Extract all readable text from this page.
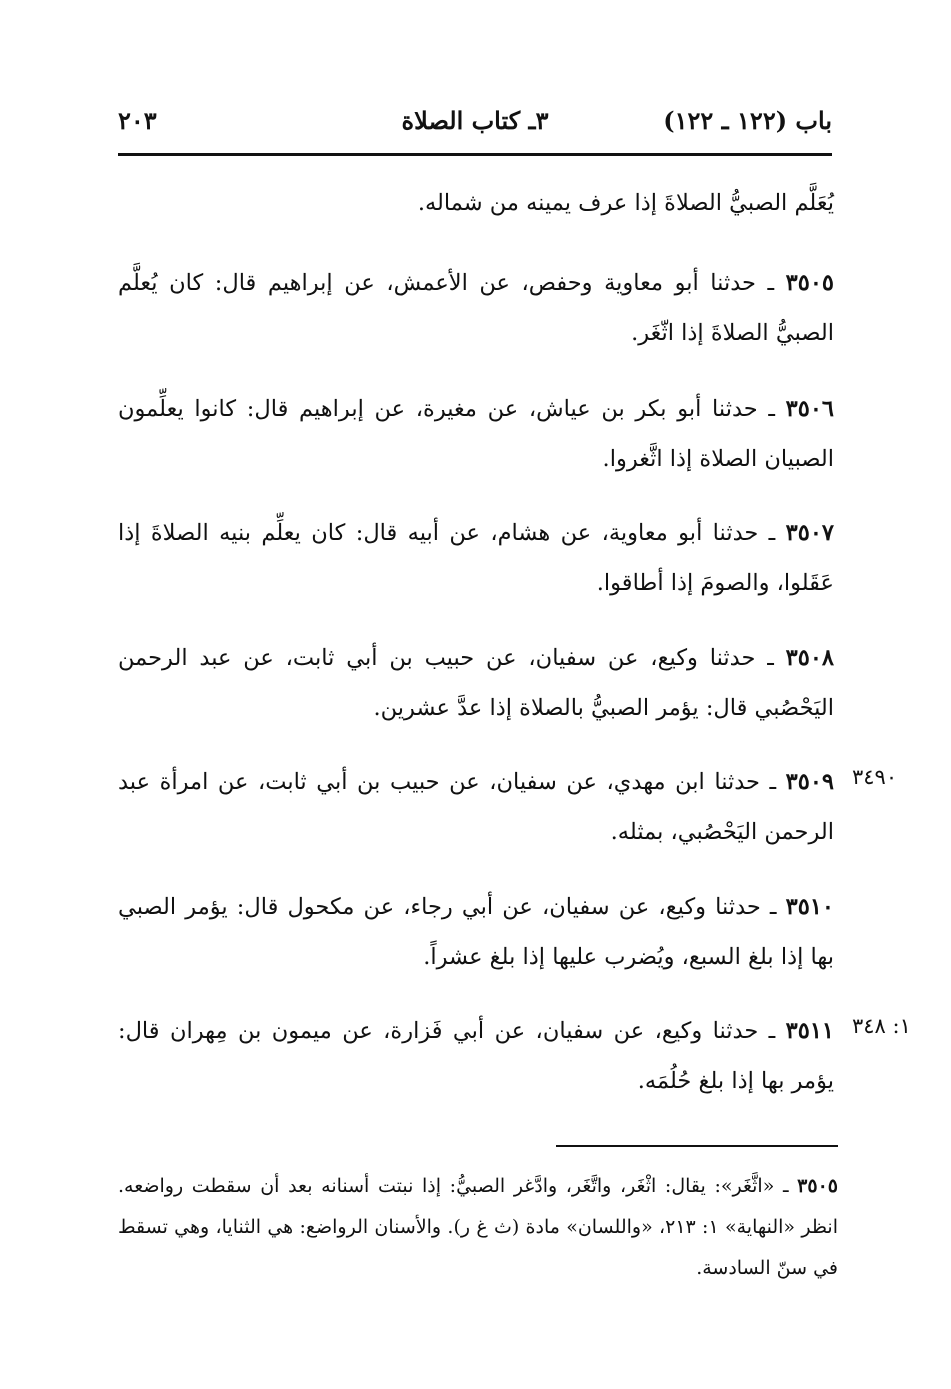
باب (١٢٢ ـ ١٢٢)
٣ـ كتاب الصلاة
٢٠٣

يُعَلَّم الصبيُّ الصلاةَ إذا عرف يمينه من شماله.

٣٥٠٥ ـ حدثنا أبو معاوية وحفص، عن الأعمش، عن إبراهيم قال: كان يُعلَّم الصبيُّ الصلاةَ إذا اثّغَر.

٣٥٠٦ ـ حدثنا أبو بكر بن عياش، عن مغيرة، عن إبراهيم قال: كانوا يعلِّمون الصبيان الصلاة إذا اثَّغروا.

٣٥٠٧ ـ حدثنا أبو معاوية، عن هشام، عن أبيه قال: كان يعلِّم بنيه الصلاةَ إذا عَقَلوا، والصومَ إذا أطاقوا.

٣٥٠٨ ـ حدثنا وكيع، عن سفيان، عن حبيب بن أبي ثابت، عن عبد الرحمن اليَحْصُبي قال: يؤمر الصبيُّ بالصلاة إذا عدَّ عشرين.

٣٥٠٩ ـ حدثنا ابن مهدي، عن سفيان، عن حبيب بن أبي ثابت، عن امرأة عبد الرحمن اليَحْصُبي، بمثله.

٣٤٩٠

٣٥١٠ ـ حدثنا وكيع، عن سفيان، عن أبي رجاء، عن مكحول قال: يؤمر الصبي بها إذا بلغ السبع، ويُضرب عليها إذا بلغ عشراً.

٣٥١١ ـ حدثنا وكيع، عن سفيان، عن أبي فَزارة، عن ميمون بن مِهران قال: يؤمر بها إذا بلغ حُلُمَه.

١: ٣٤٨

٣٥٠٥ ـ «اثَّغَر»: يقال: اثْغَر، واتَّغَر، وادَّغر الصبيُّ: إذا نبتت أسنانه بعد أن سقطت رواضعه. انظر «النهاية» ١: ٢١٣، «واللسان» مادة (ث غ ر). والأسنان الرواضع: هي الثنايا، وهي تسقط في سنّ السادسة.
